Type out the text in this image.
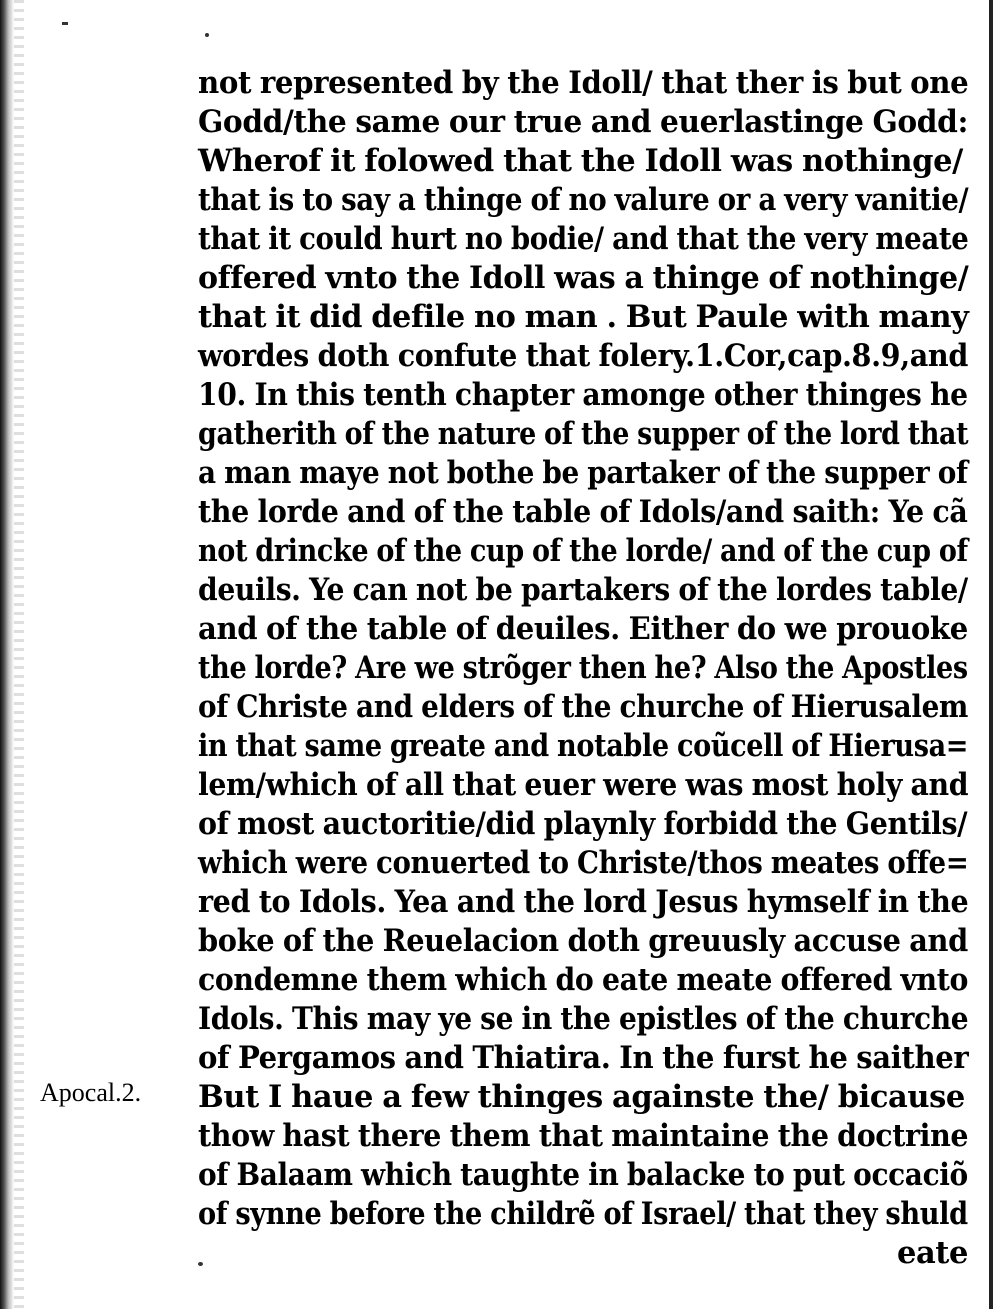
Apocal.2.
not represented by the Idoll/ that ther is but one
Godd/the same our true and euerlastinge Godd:
Wherof it folowed that the Idoll was nothinge/
that is to say a thinge of no valure or a very vanitie/
that it could hurt no bodie/ and that the very meate
offered vnto the Idoll was a thinge of nothinge/
that it did defile no man . But Paule with many
wordes doth confute that folery.1.Cor,cap.8.9,and
10. In this tenth chapter amonge other thinges he
gatherith of the nature of the supper of the lord that
a man maye not bothe be partaker of the supper of
the lorde and of the table of Idols/and saith: Ye cã
not drincke of the cup of the lorde/ and of the cup of
deuils. Ye can not be partakers of the lordes table/
and of the table of deuiles. Either do we prouoke
the lorde? Are we strõger then he? Also the Apostles
of Christe and elders of the churche of Hierusalem
in that same greate and notable coũcell of Hierusa=
lem/which of all that euer were was most holy and
of most auctoritie/did playnly forbidd the Gentils/
which were conuerted to Christe/thos meates offe=
red to Idols. Yea and the lord Jesus hymself in the
boke of the Reuelacion doth greuusly accuse and
condemne them which do eate meate offered vnto
Idols. This may ye se in the epistles of the churche
of Pergamos and Thiatira. In the furst he saither
But I haue a few thinges againste the/ bicause
thow hast there them that maintaine the doctrine
of Balaam which taughte in balacke to put occaciõ
of synne before the childrẽ of Israel/ that they shuld
eate
